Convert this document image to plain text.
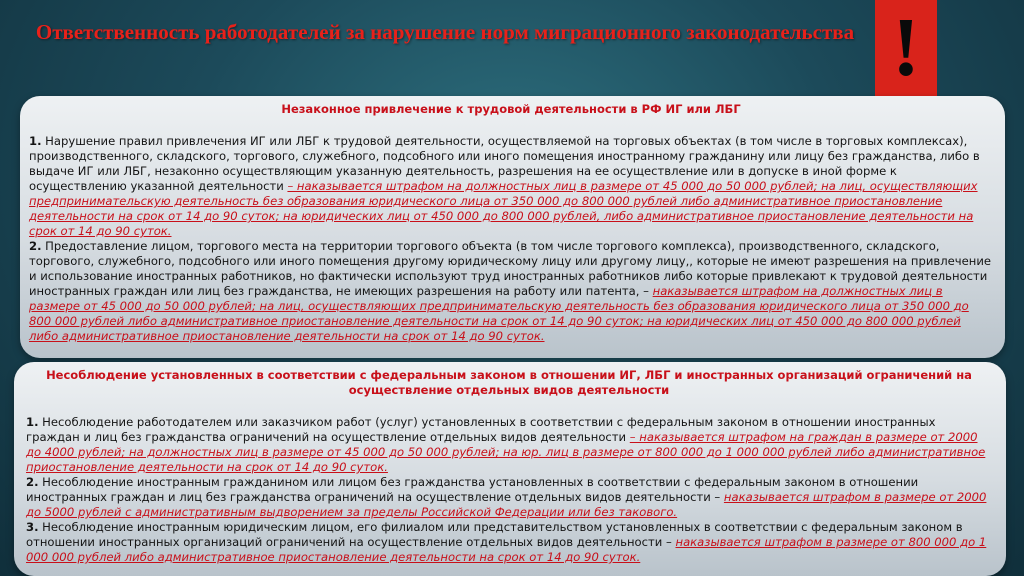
Ответственность работодателей за нарушение норм миграционного законодательства !
Незаконное привлечение к трудовой деятельности в РФ ИГ или ЛБГ

1. Нарушение правил привлечения ИГ или ЛБГ к трудовой деятельности, осуществляемой на торговых объектах (в том числе в торговых комплексах), производственного, складского, торгового, служебного, подсобного или иного помещения иностранному гражданину или лицу без гражданства, либо в выдаче ИГ или ЛБГ, незаконно осуществляющим указанную деятельность, разрешения на ее осуществление или в допуске в иной форме к осуществлению указанной деятельности – наказывается штрафом на должностных лиц в размере от 45 000 до 50 000 рублей; на лиц, осуществляющих предпринимательскую деятельность без образования юридического лица от 350 000 до 800 000 рублей либо административное приостановление деятельности на срок от 14 до 90 суток; на юридических лиц от 450 000 до 800 000 рублей, либо административное приостановление деятельности на срок от 14 до 90 суток.

2. Предоставление лицом, торгового места на территории торгового объекта (в том числе торгового комплекса), производственного, складского, торгового, служебного, подсобного или иного помещения другому юридическому лицу или другому лицу,, которые не имеют разрешения на привлечение и использование иностранных работников, но фактически используют труд иностранных работников либо которые привлекают к трудовой деятельности иностранных граждан или лиц без гражданства, не имеющих разрешения на работу или патента, – наказывается штрафом на должностных лиц в размере от 45 000 до 50 000 рублей; на лиц, осуществляющих предпринимательскую деятельность без образования юридического лица от 350 000 до 800 000 рублей либо административное приостановление деятельности на срок от 14 до 90 суток; на юридических лиц от 450 000 до 800 000 рублей либо административное приостановление деятельности на срок от 14 до 90 суток.

Несоблюдение установленных в соответствии с федеральным законом в отношении ИГ, ЛБГ и иностранных организаций ограничений на осуществление отдельных видов деятельности

1. Несоблюдение работодателем или заказчиком работ (услуг) установленных в соответствии с федеральным законом в отношении иностранных граждан и лиц без гражданства ограничений на осуществление отдельных видов деятельности – наказывается штрафом на граждан в размере от 2000 до 4000 рублей; на должностных лиц в размере от 45 000 до 50 000 рублей; на юр. лиц в размере от 800 000 до 1 000 000 рублей либо административное приостановление деятельности на срок от 14 до 90 суток.

2. Несоблюдение иностранным гражданином или лицом без гражданства установленных в соответствии с федеральным законом в отношении иностранных граждан и лиц без гражданства ограничений на осуществление отдельных видов деятельности – наказывается штрафом в размере от 2000 до 5000 рублей с административным выдворением за пределы Российской Федерации или без такового.

3. Несоблюдение иностранным юридическим лицом, его филиалом или представительством установленных в соответствии с федеральным законом в отношении иностранных организаций ограничений на осуществление отдельных видов деятельности – наказывается штрафом в размере от 800 000 до 1 000 000 рублей либо административное приостановление деятельности на срок от 14 до 90 суток.
